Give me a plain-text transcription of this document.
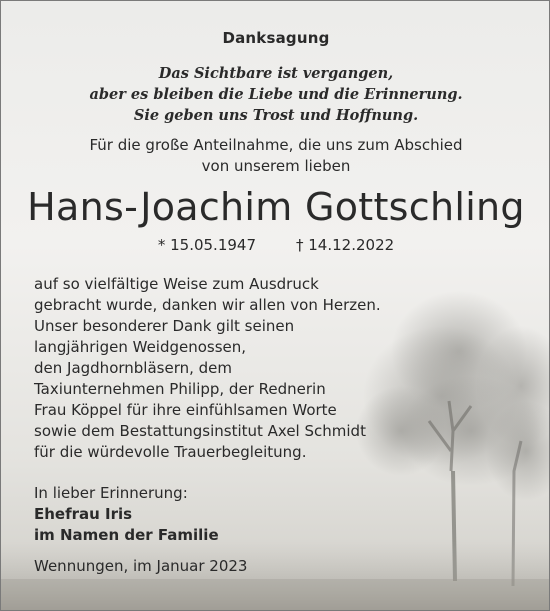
Danksagung
Das Sichtbare ist vergangen,
aber es bleiben die Liebe und die Erinnerung.
Sie geben uns Trost und Hoffnung.
Für die große Anteilnahme, die uns zum Abschied
von unserem lieben
Hans-Joachim Gottschling
* 15.05.1947	† 14.12.2022
auf so vielfältige Weise zum Ausdruck
gebracht wurde, danken wir allen von Herzen.
Unser besonderer Dank gilt seinen
langjährigen Weidgenossen,
den Jagdhornbläsern, dem
Taxiunternehmen Philipp, der Rednerin
Frau Köppel für ihre einfühlsamen Worte
sowie dem Bestattungsinstitut Axel Schmidt
für die würdevolle Trauerbegleitung.
In lieber Erinnerung:
Ehefrau Iris
im Namen der Familie
Wennungen, im Januar 2023
